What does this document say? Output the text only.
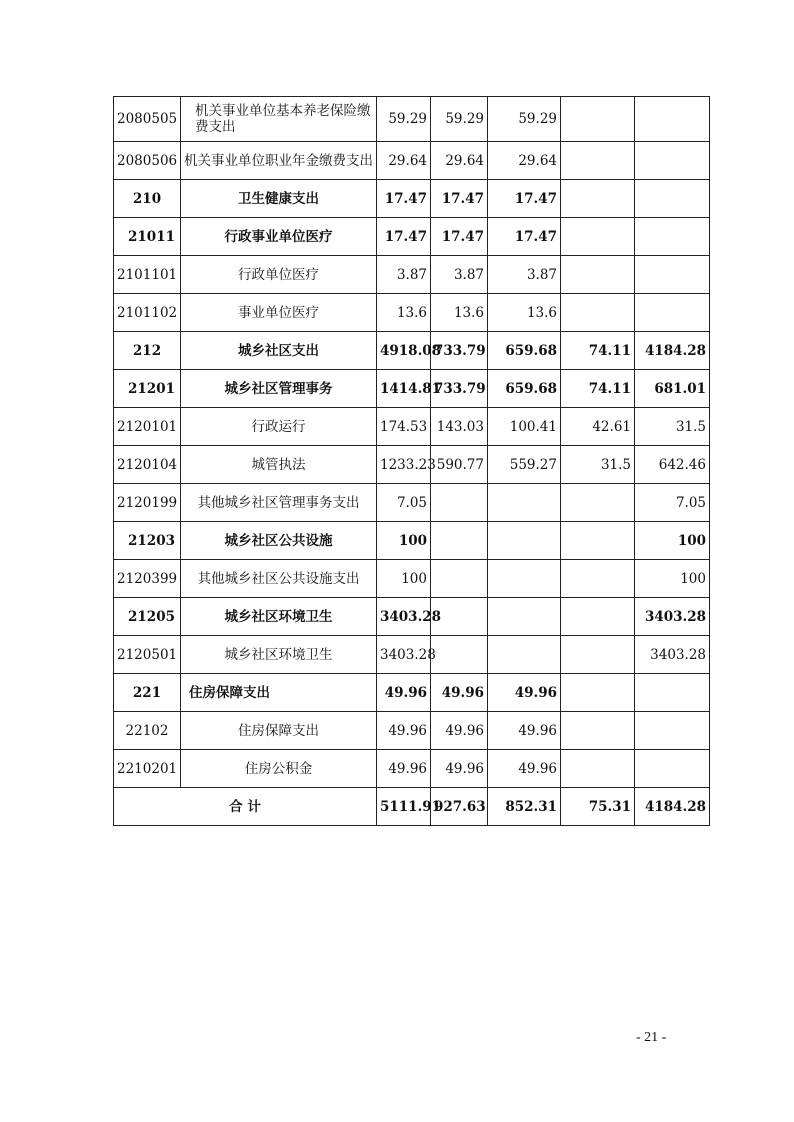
2080505	机关事业单位基本养老保险缴费支出	59.29	59.29	59.29		
2080506	机关事业单位职业年金缴费支出	29.64	29.64	29.64		
210	卫生健康支出	17.47	17.47	17.47		
21011	行政事业单位医疗	17.47	17.47	17.47		
2101101	行政单位医疗	3.87	3.87	3.87		
2101102	事业单位医疗	13.6	13.6	13.6		
212	城乡社区支出	4918.08	733.79	659.68	74.11	4184.28
21201	城乡社区管理事务	1414.81	733.79	659.68	74.11	681.01
2120101	行政运行	174.53	143.03	100.41	42.61	31.5
2120104	城管执法	1233.23	590.77	559.27	31.5	642.46
2120199	其他城乡社区管理事务支出	7.05				7.05
21203	城乡社区公共设施	100				100
2120399	其他城乡社区公共设施支出	100				100
21205	城乡社区环境卫生	3403.28				3403.28
2120501	城乡社区环境卫生	3403.28				3403.28
221	住房保障支出	49.96	49.96	49.96		
22102	住房保障支出	49.96	49.96	49.96		
2210201	住房公积金	49.96	49.96	49.96		
合 计		5111.91	927.63	852.31	75.31	4184.28
- 21 -
